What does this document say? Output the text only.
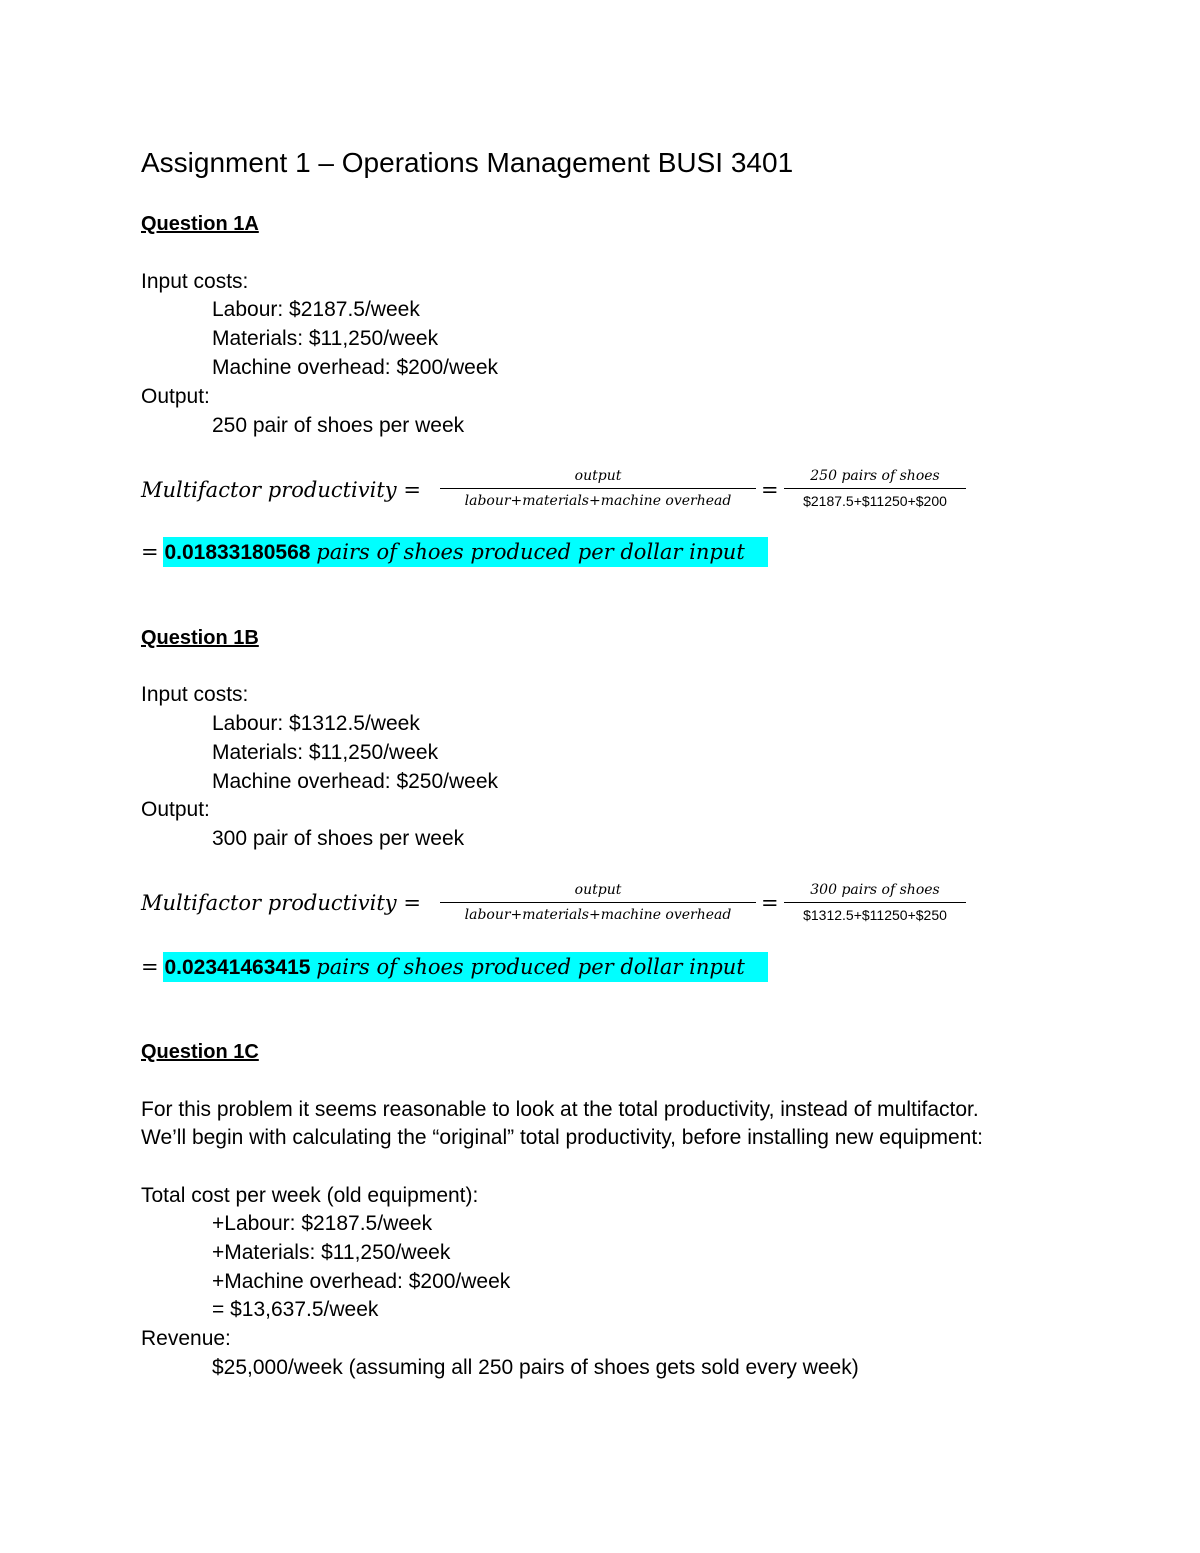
Assignment 1 – Operations Management BUSI 3401
Question 1A
Input costs:
Labour: $2187.5/week
Materials: $11,250/week
Machine overhead: $200/week
Output:
250 pair of shoes per week
Multifactor productivity =
output
labour+materials+machine overhead =
250 pairs of shoes
$2187.5+$11250+$200
= 0.01833180568 pairs of shoes produced per dollar input
Question 1B
Input costs:
Labour: $1312.5/week
Materials: $11,250/week
Machine overhead: $250/week
Output:
300 pair of shoes per week
Multifactor productivity =
output
labour+materials+machine overhead =
300 pairs of shoes
$1312.5+$11250+$250
= 0.02341463415 pairs of shoes produced per dollar input
Question 1C
For this problem it seems reasonable to look at the total productivity, instead of multifactor.
We’ll begin with calculating the “original” total productivity, before installing new equipment:
Total cost per week (old equipment):
+Labour: $2187.5/week
+Materials: $11,250/week
+Machine overhead: $200/week
= $13,637.5/week
Revenue:
$25,000/week (assuming all 250 pairs of shoes gets sold every week)
